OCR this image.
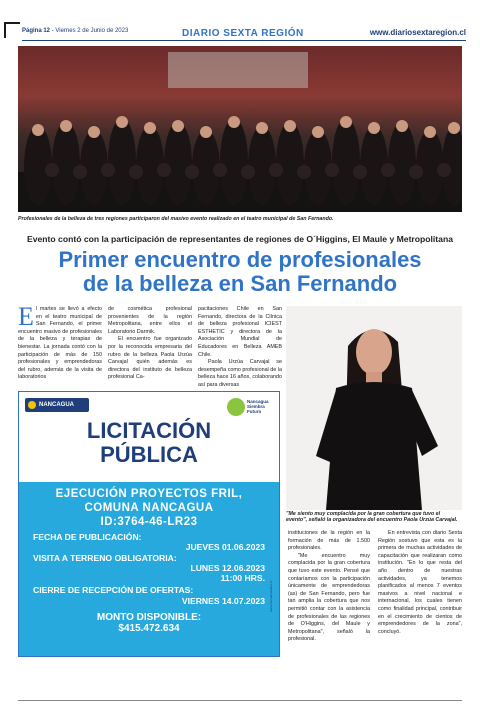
Página 12 - Viernes 2 de Junio de 2023	DIARIO SEXTA REGIÓN	www.diariosextaregion.cl
Profesionales de la belleza de tres regiones participaron del masivo evento realizado en el teatro municipal de San Fernando.
Evento contó con la participación de representantes de regiones de O´Higgins, El Maule y Metropolitana
Primer encuentro de profesionales
de la belleza en San Fernando

El martes se llevó a efecto en el teatro municipal de San Fernando, el primer encuentro masivo de profesionales de la belleza y terapias de bienestar. La jornada contó con la participación de más de 150 profesionales y emprendedoras del rubro, además de la visita de laboratorios

de cosmética profesional provenientes de la región Metropolitana, entre ellos el Laboratorio Darmik.

El encuentro fue organizado por la reconocida empresaria del rubro de la belleza Paola Urzúa Carvajal quién además es directora del instituto de belleza profesional Ca-

pacitaciones Chile en San Fernando, directora de la Clínica de belleza profesional ICIEST ESTHETIC y directora de la Asociación Mundial de Educadores en Belleza AMEB Chile.

Paola Urzúa Carvajal se desempeña como profesional de la belleza hace 16 años, colaborando así para diversas

instituciones de la región en la formación de más de 1.500 profesionales.

"Me encuentro muy complacida por la gran cobertura que tuvo este evento. Pensé que contaríamos con la participación únicamente de emprendedoras (as) de San Fernando, pero fue tan amplia la cobertura que nos permitió contar con la asistencia de profesionales de las regiones de O'Higgins, del Maule y Metropolitana", señaló la profesional.

En entrevista con diario Sexta Región sostuvo que esta es la primera de muchas actividades de capacitación que realizaran como institución. "En lo que resta del año dentro de nuestras actividades, ya tenemos planificados al menos 7 eventos masivos a nivel nacional e internacional, los cuales tienen como finalidad principal, contribuir en el crecimiento de cientos de emprendedores de la zona", concluyó.

"Me siento muy complacida por la gran cobertura que tuvo el evento", señaló la organizadora del encuentro Paola Urzúa Carvajal.
NANCAGUA
Nancagua Siembra Futuro
LICITACIÓN
PÚBLICA
EJECUCIÓN PROYECTOS FRIL,
COMUNA NANCAGUA
ID:3764-46-LR23
FECHA DE PUBLICACIÓN:
JUEVES 01.06.2023
VISITA A TERRENO OBLIGATORIA:
LUNES 12.06.2023
11:00 HRS.
CIERRE DE RECEPCIÓN DE OFERTAS:
VIERNES 14.07.2023
MONTO DISPONIBLE:
$415.472.634
www.mercadopublico.cl
